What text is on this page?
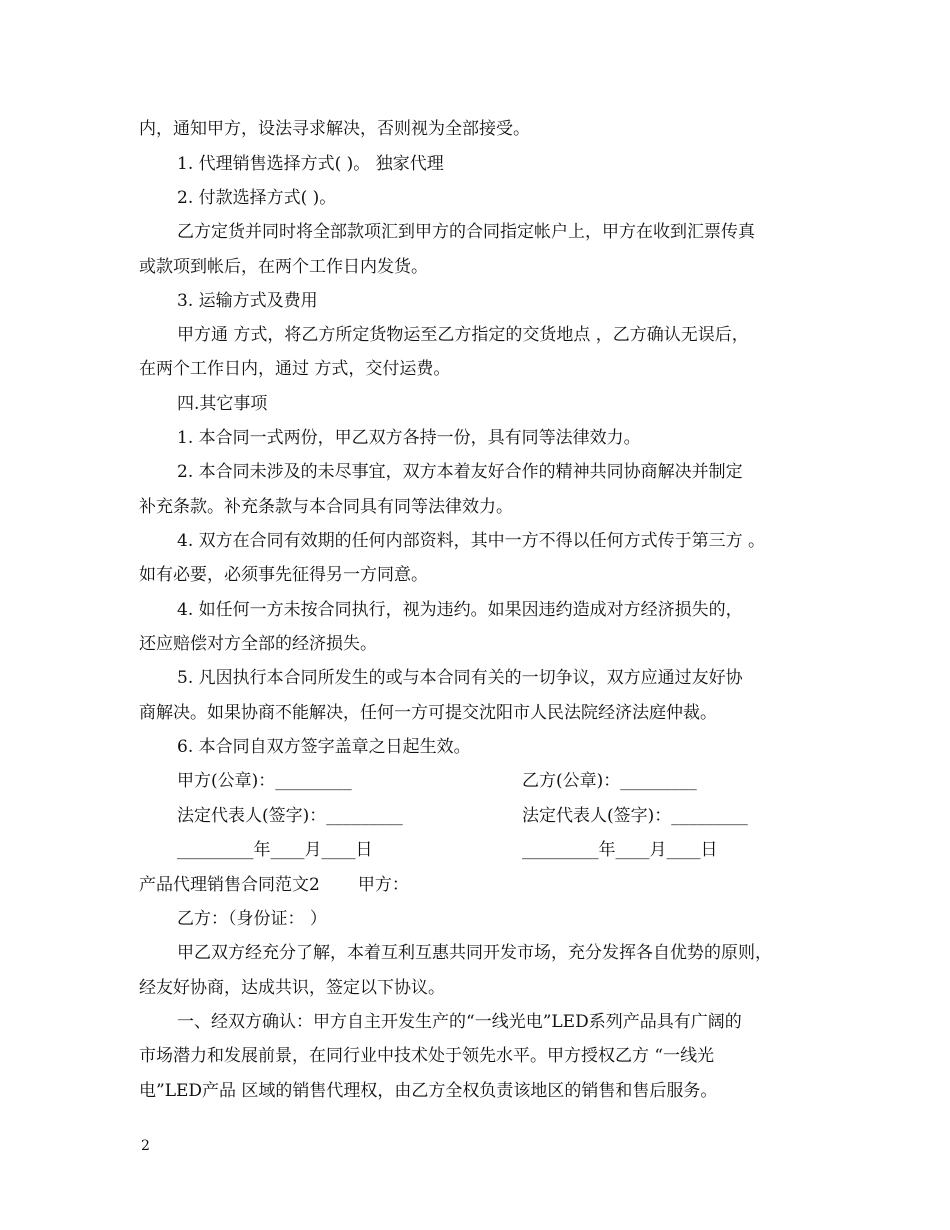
内，通知甲方，设法寻求解决，否则视为全部接受。
1. 代理销售选择方式( )。 独家代理
2. 付款选择方式( )。
乙方定货并同时将全部款项汇到甲方的合同指定帐户上，甲方在收到汇票传真
或款项到帐后，在两个工作日内发货。
3. 运输方式及费用
甲方通 方式，将乙方所定货物运至乙方指定的交货地点 ，乙方确认无误后，
在两个工作日内，通过 方式，交付运费。
四.其它事项
1. 本合同一式两份，甲乙双方各持一份，具有同等法律效力。
2. 本合同未涉及的未尽事宜，双方本着友好合作的精神共同协商解决并制定
补充条款。补充条款与本合同具有同等法律效力。
4. 双方在合同有效期的任何内部资料，其中一方不得以任何方式传于第三方 。
如有必要，必须事先征得另一方同意。
4. 如任何一方未按合同执行，视为违约。如果因违约造成对方经济损失的，
还应赔偿对方全部的经济损失。
5. 凡因执行本合同所发生的或与本合同有关的一切争议，双方应通过友好协
商解决。如果协商不能解决，任何一方可提交沈阳市人民法院经济法庭仲裁。
6. 本合同自双方签字盖章之日起生效。
甲方(公章)：_________	乙方(公章)：_________
法定代表人(签字)：_________	法定代表人(签字)：_________
_________年____月____日	_________年____月____日
产品代理销售合同范文2 甲方：
乙方：（身份证： ）
甲乙双方经充分了解，本着互利互惠共同开发市场，充分发挥各自优势的原则，
经友好协商，达成共识，签定以下协议。
一、经双方确认：甲方自主开发生产的“一线光电”LED系列产品具有广阔的
市场潜力和发展前景，在同行业中技术处于领先水平。甲方授权乙方 “一线光
电”LED产品 区域的销售代理权，由乙方全权负责该地区的销售和售后服务。
2
